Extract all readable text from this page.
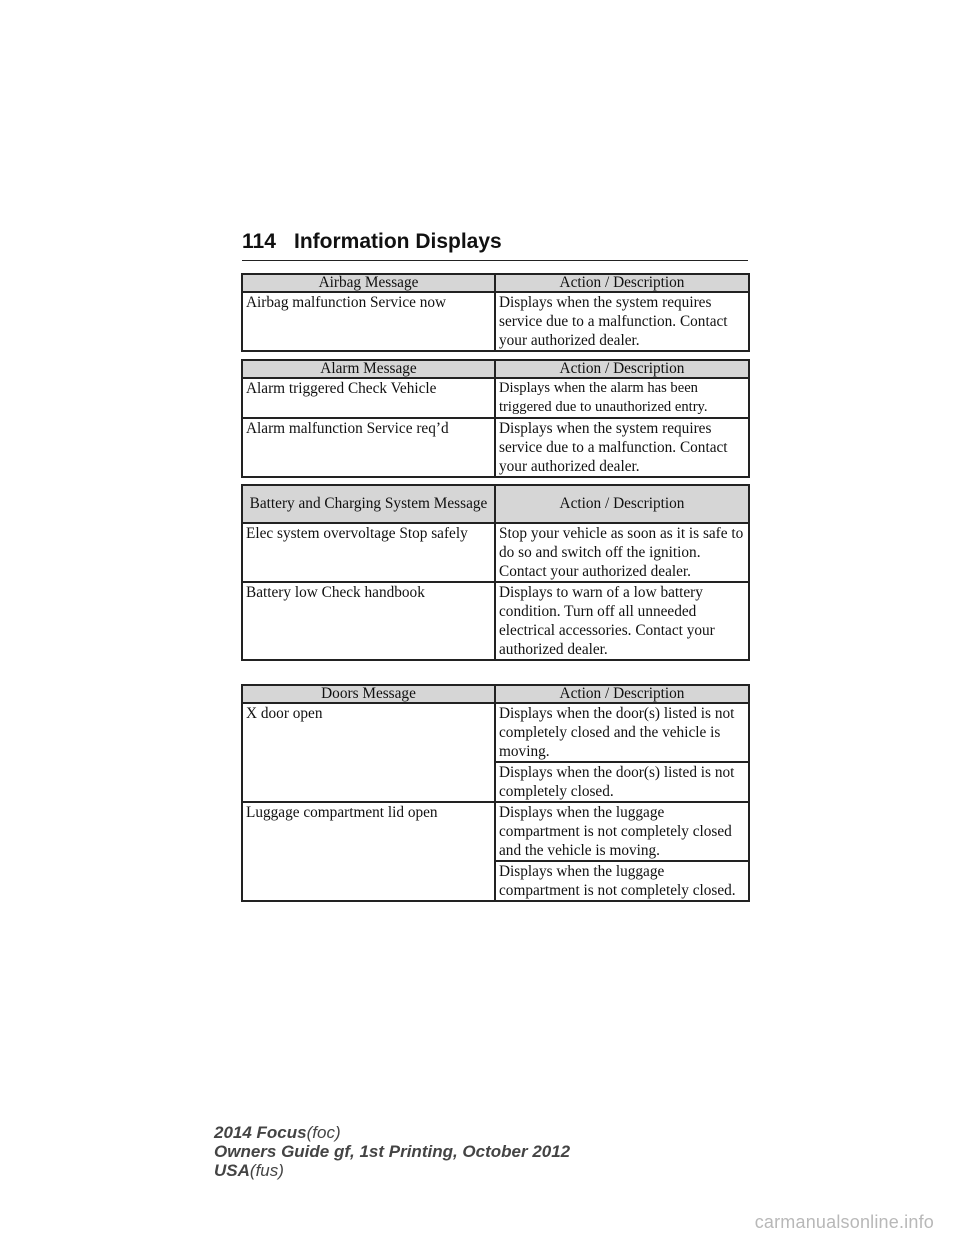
114 Information Displays
Airbag Message	Action / Description
Airbag malfunction Service now	Displays when the system requires service due to a malfunction. Contact your authorized dealer.
Alarm Message	Action / Description
Alarm triggered Check Vehicle	Displays when the alarm has been triggered due to unauthorized entry.
Alarm malfunction Service req’d	Displays when the system requires service due to a malfunction. Contact your authorized dealer.
Battery and Charging System Message	Action / Description
Elec system overvoltage Stop safely	Stop your vehicle as soon as it is safe to do so and switch off the ignition. Contact your authorized dealer.
Battery low Check handbook	Displays to warn of a low battery condition. Turn off all unneeded electrical accessories. Contact your authorized dealer.
Doors Message	Action / Description
X door open	Displays when the door(s) listed is not completely closed and the vehicle is moving.
	Displays when the door(s) listed is not completely closed.
Luggage compartment lid open	Displays when the luggage compartment is not completely closed and the vehicle is moving.
	Displays when the luggage compartment is not completely closed.
2014 Focus(foc)
Owners Guide gf, 1st Printing, October 2012
USA(fus)
carmanualsonline.info
